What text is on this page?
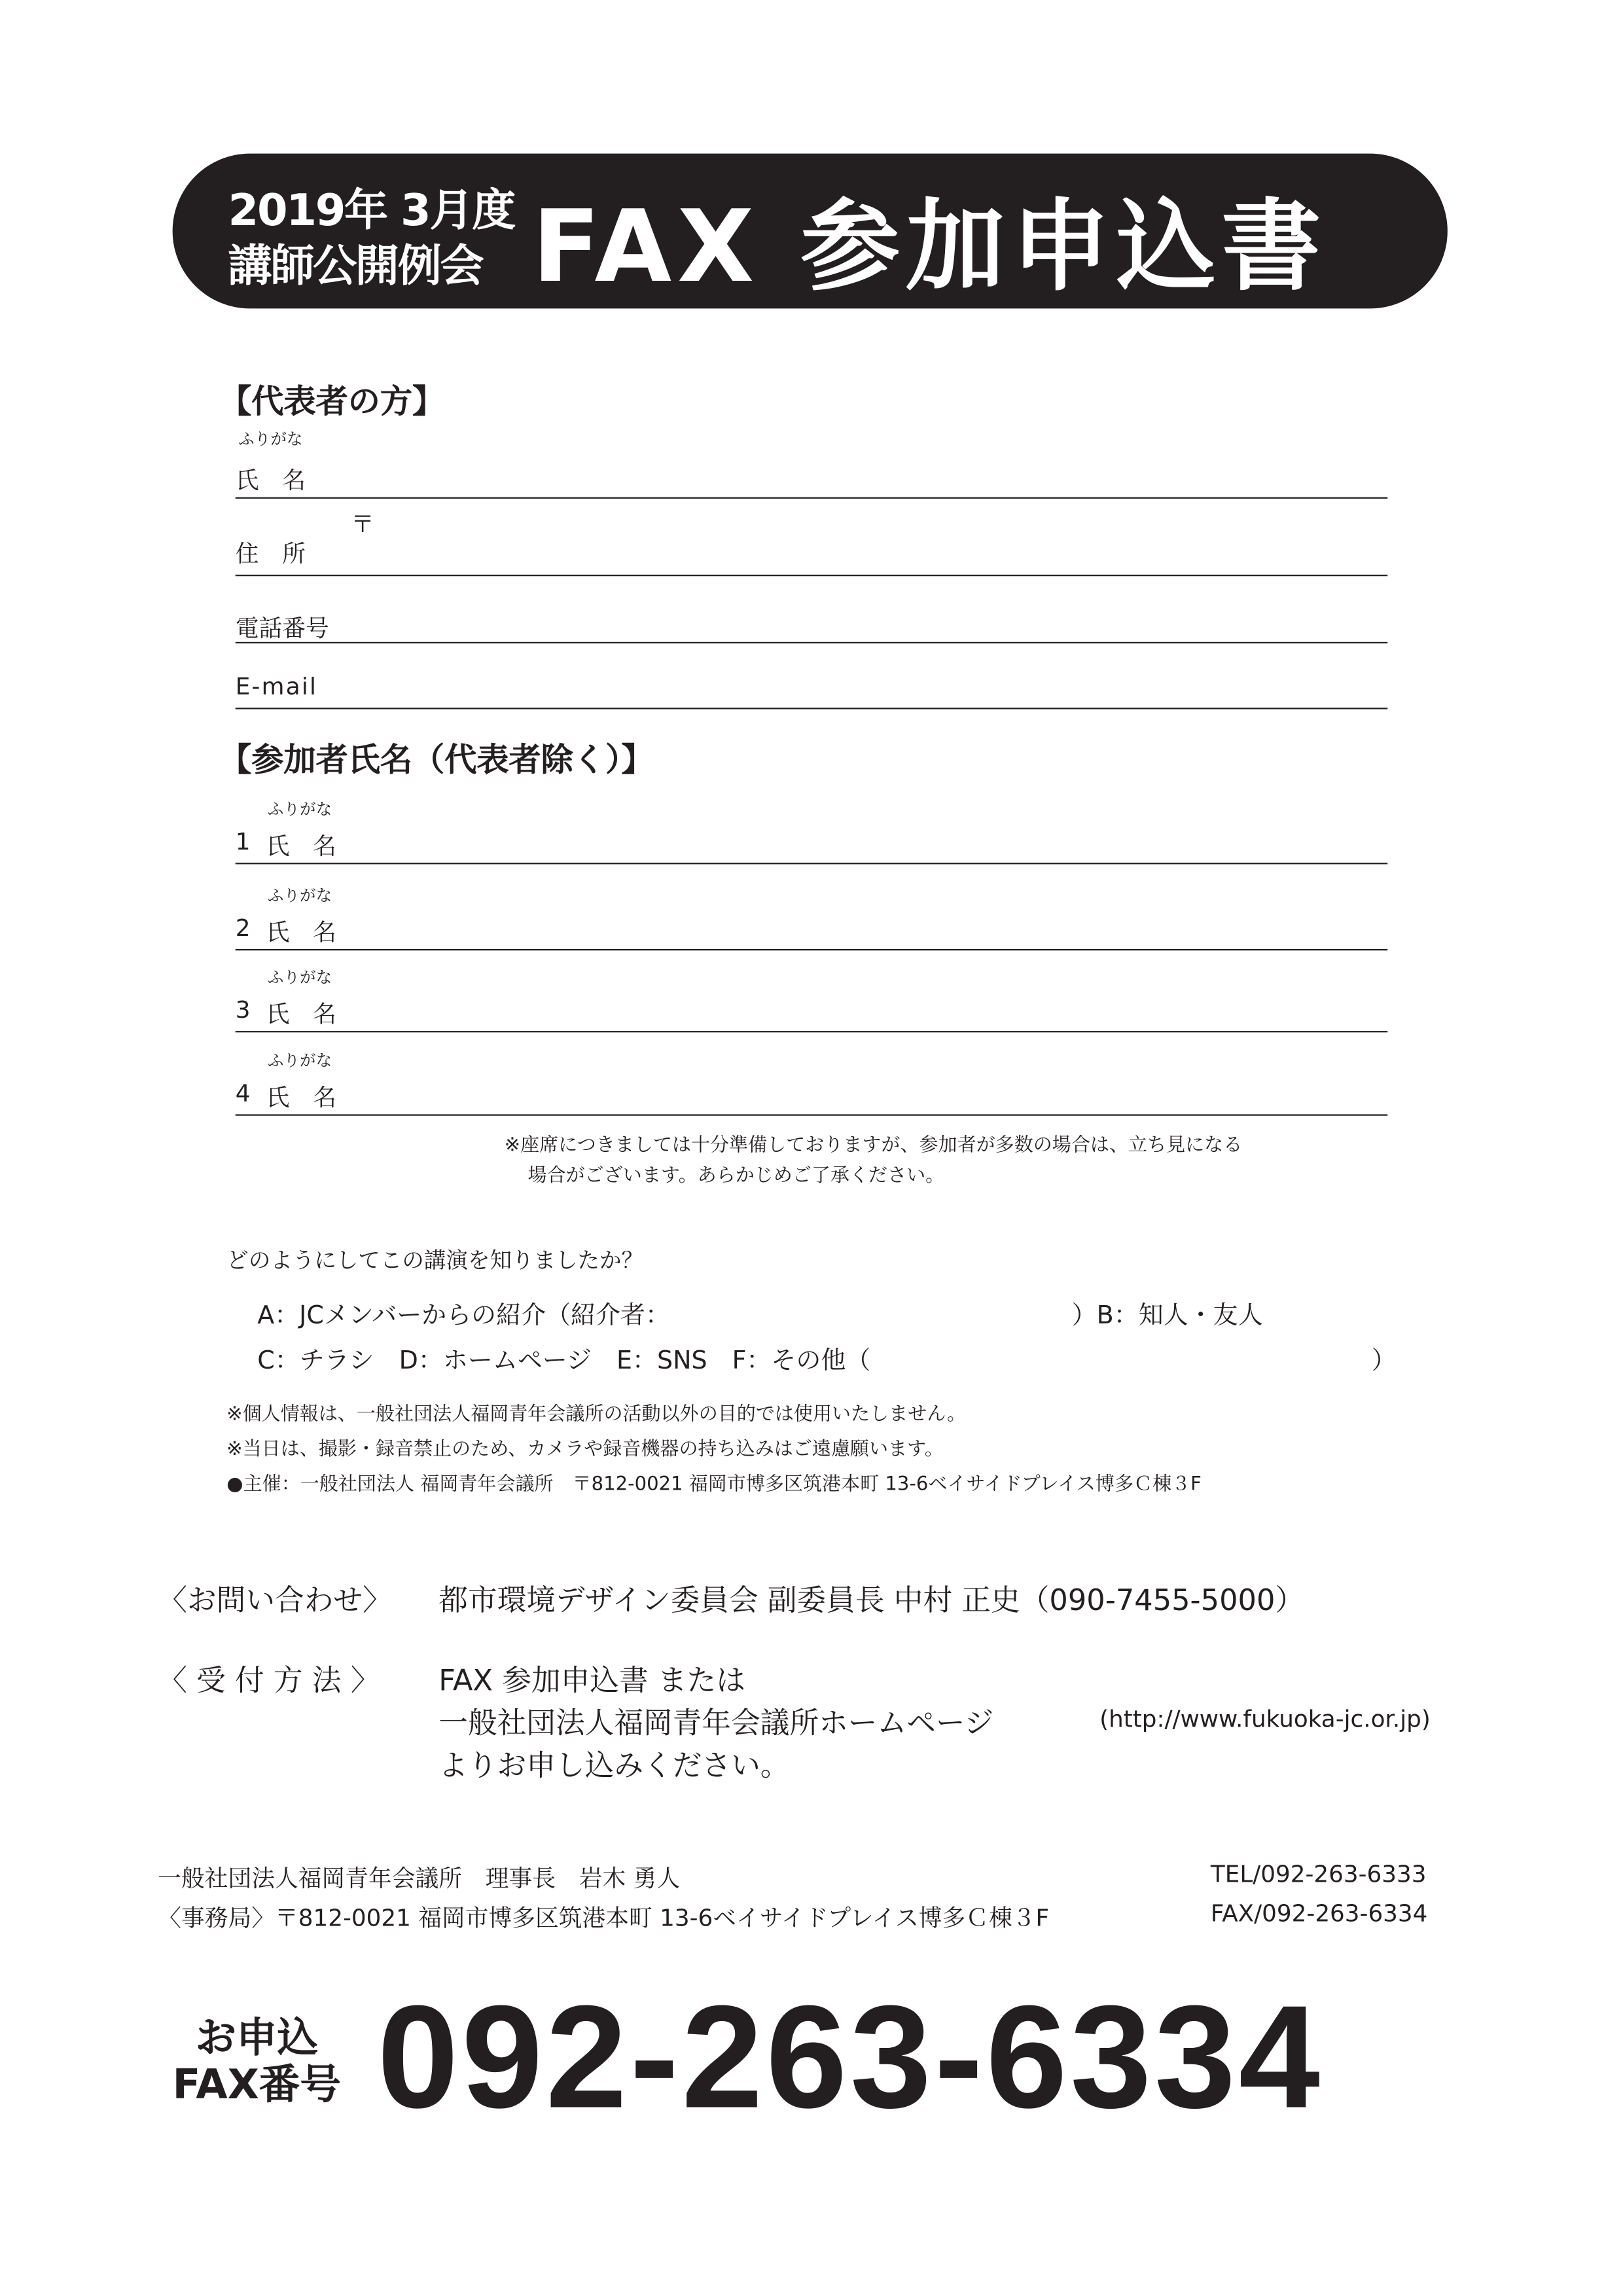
2019年 3月度
講師公開例会 FAX 参加申込書
【代表者の方】
ふりがな
氏　名
〒
住　所
電話番号
E-mail
【参加者氏名（代表者除く）】
ふりがな
1 氏　名
ふりがな
2 氏　名
ふりがな
3 氏　名
ふりがな
4 氏　名
※座席につきましては十分準備しておりますが、参加者が多数の場合は、立ち見になる
場合がございます。あらかじめご了承ください。
どのようにしてこの講演を知りましたか？
A：JCメンバーからの紹介（紹介者：	）B：知人・友人
C：チラシ　D：ホームページ　E：SNS　F：その他（	）
※個人情報は、一般社団法人福岡青年会議所の活動以外の目的では使用いたしません。
※当日は、撮影・録音禁止のため、カメラや録音機器の持ち込みはご遠慮願います。
●主催：一般社団法人 福岡青年会議所　〒812-0021 福岡市博多区筑港本町 13-6ベイサイドプレイス博多Ｃ棟３F
〈お問い合わせ〉	都市環境デザイン委員会 副委員長 中村 正史（090-7455-5000）
〈 受 付 方 法 〉	FAX 参加申込書 または
一般社団法人福岡青年会議所ホームページ	(http://www.fukuoka-jc.or.jp)
よりお申し込みください。
一般社団法人福岡青年会議所　理事長　岩木 勇人
〈事務局〉〒812-0021 福岡市博多区筑港本町 13-6ベイサイドプレイス博多Ｃ棟３F
TEL/092-263-6333
FAX/092-263-6334
お申込
FAX番号 092-263-6334
